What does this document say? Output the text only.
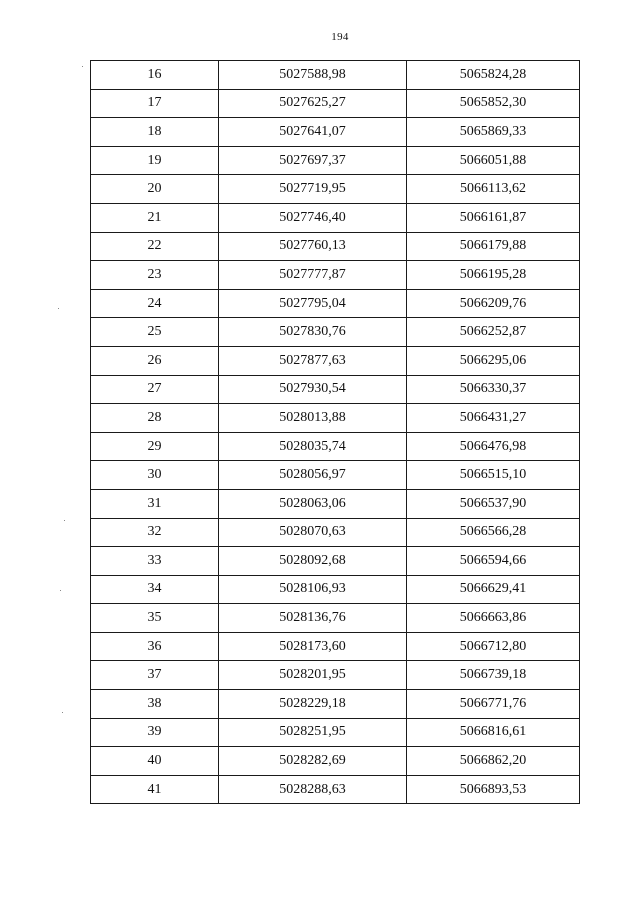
194
16	5027588,98	5065824,28
17	5027625,27	5065852,30
18	5027641,07	5065869,33
19	5027697,37	5066051,88
20	5027719,95	5066113,62
21	5027746,40	5066161,87
22	5027760,13	5066179,88
23	5027777,87	5066195,28
24	5027795,04	5066209,76
25	5027830,76	5066252,87
26	5027877,63	5066295,06
27	5027930,54	5066330,37
28	5028013,88	5066431,27
29	5028035,74	5066476,98
30	5028056,97	5066515,10
31	5028063,06	5066537,90
32	5028070,63	5066566,28
33	5028092,68	5066594,66
34	5028106,93	5066629,41
35	5028136,76	5066663,86
36	5028173,60	5066712,80
37	5028201,95	5066739,18
38	5028229,18	5066771,76
39	5028251,95	5066816,61
40	5028282,69	5066862,20
41	5028288,63	5066893,53
